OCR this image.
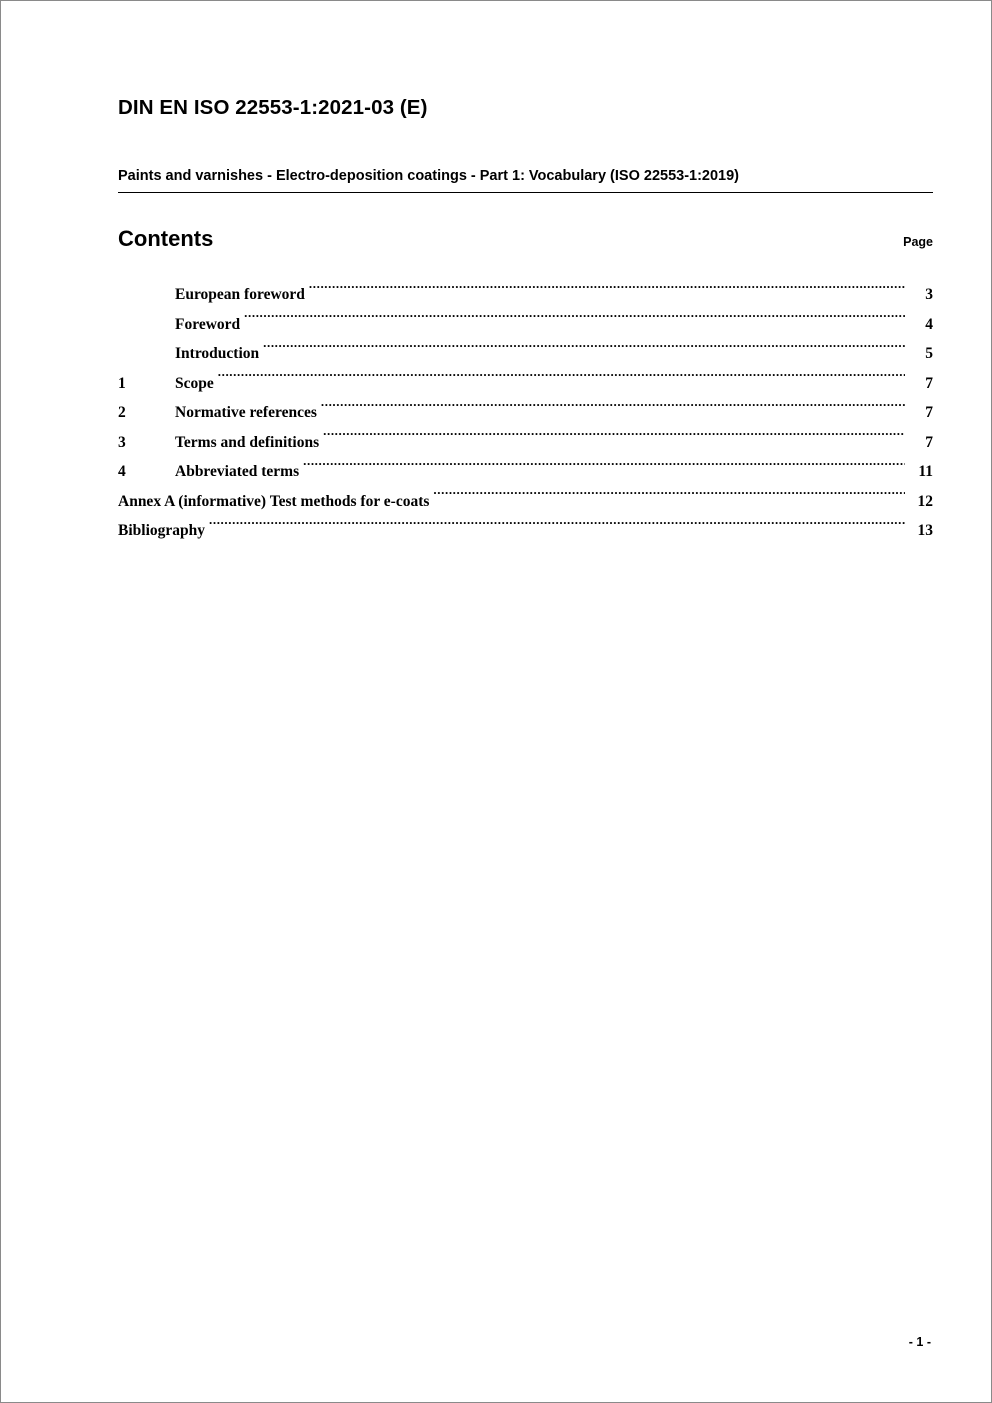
DIN EN ISO 22553-1:2021-03 (E)
Paints and varnishes - Electro-deposition coatings - Part 1: Vocabulary (ISO 22553-1:2019)
Contents	Page
European foreword .....	3
Foreword .....	4
Introduction .....	5
1	Scope .....	7
2	Normative references .....	7
3	Terms and definitions .....	7
4	Abbreviated terms .....	11
Annex A (informative) Test methods for e-coats .....	12
Bibliography .....	13
- 1 -
